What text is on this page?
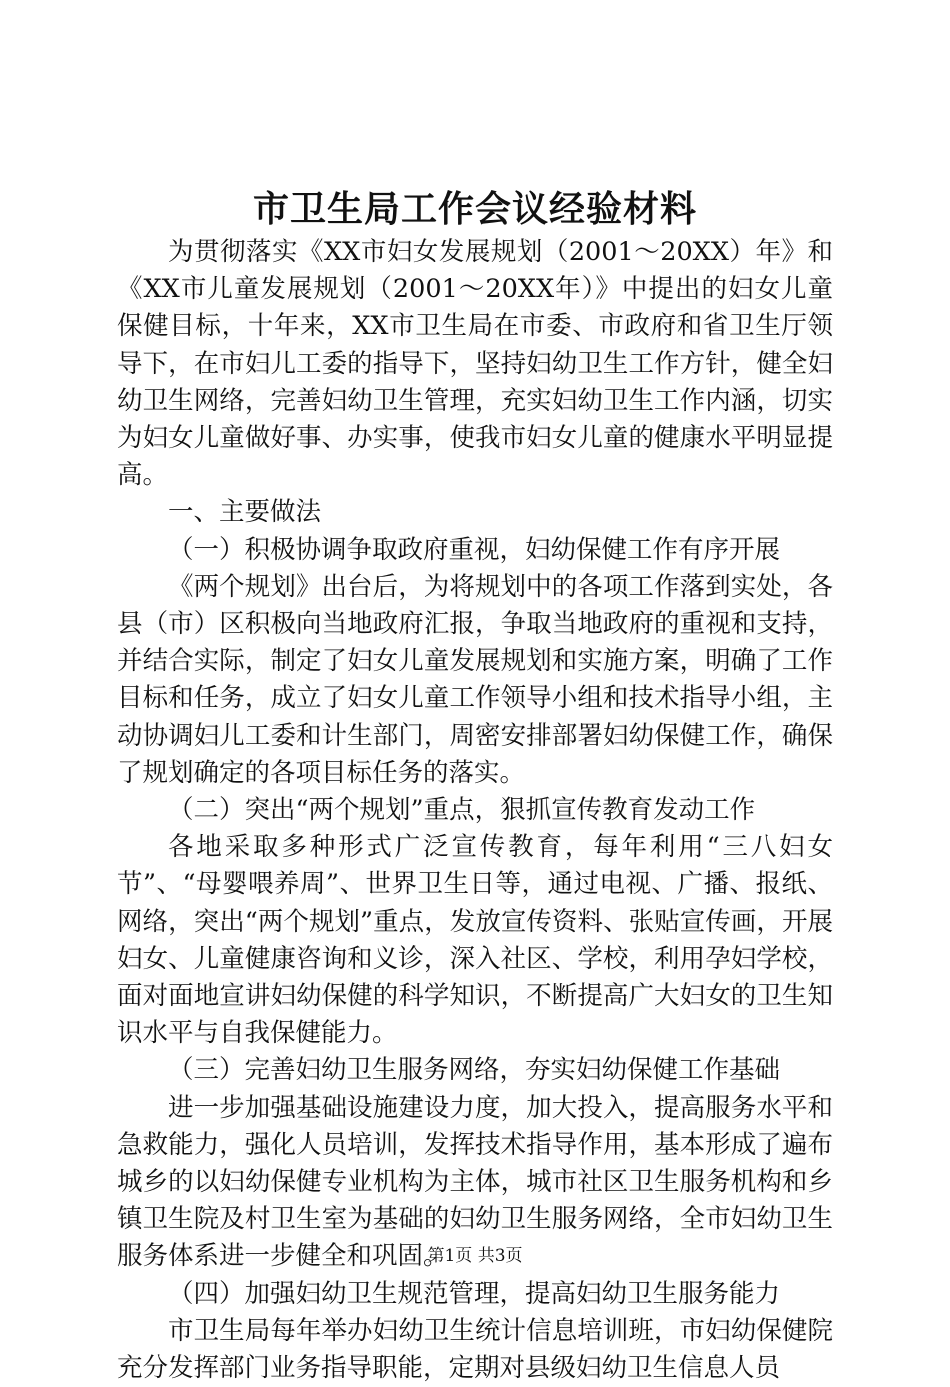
市卫生局工作会议经验材料

为贯彻落实《XX市妇女发展规划（2001～20XX）年》和《XX市儿童发展规划（2001～20XX年）》中提出的妇女儿童保健目标，十年来，XX市卫生局在市委、市政府和省卫生厅领导下，在市妇儿工委的指导下，坚持妇幼卫生工作方针，健全妇幼卫生网络，完善妇幼卫生管理，充实妇幼卫生工作内涵，切实为妇女儿童做好事、办实事，使我市妇女儿童的健康水平明显提高。

一、主要做法

（一）积极协调争取政府重视，妇幼保健工作有序开展

《两个规划》出台后，为将规划中的各项工作落到实处，各县（市）区积极向当地政府汇报，争取当地政府的重视和支持，并结合实际，制定了妇女儿童发展规划和实施方案，明确了工作目标和任务，成立了妇女儿童工作领导小组和技术指导小组，主动协调妇儿工委和计生部门，周密安排部署妇幼保健工作，确保了规划确定的各项目标任务的落实。

（二）突出“两个规划”重点，狠抓宣传教育发动工作

各地采取多种形式广泛宣传教育，每年利用“三八妇女节”、“母婴喂养周”、世界卫生日等，通过电视、广播、报纸、网络，突出“两个规划”重点，发放宣传资料、张贴宣传画，开展妇女、儿童健康咨询和义诊，深入社区、学校，利用孕妇学校，面对面地宣讲妇幼保健的科学知识，不断提高广大妇女的卫生知识水平与自我保健能力。

（三）完善妇幼卫生服务网络，夯实妇幼保健工作基础

进一步加强基础设施建设力度，加大投入，提高服务水平和急救能力，强化人员培训，发挥技术指导作用，基本形成了遍布城乡的以妇幼保健专业机构为主体，城市社区卫生服务机构和乡镇卫生院及村卫生室为基础的妇幼卫生服务网络，全市妇幼卫生服务体系进一步健全和巩固。

（四）加强妇幼卫生规范管理，提高妇幼卫生服务能力

市卫生局每年举办妇幼卫生统计信息培训班，市妇幼保健院充分发挥部门业务指导职能，定期对县级妇幼卫生信息人员

第1页 共3页
